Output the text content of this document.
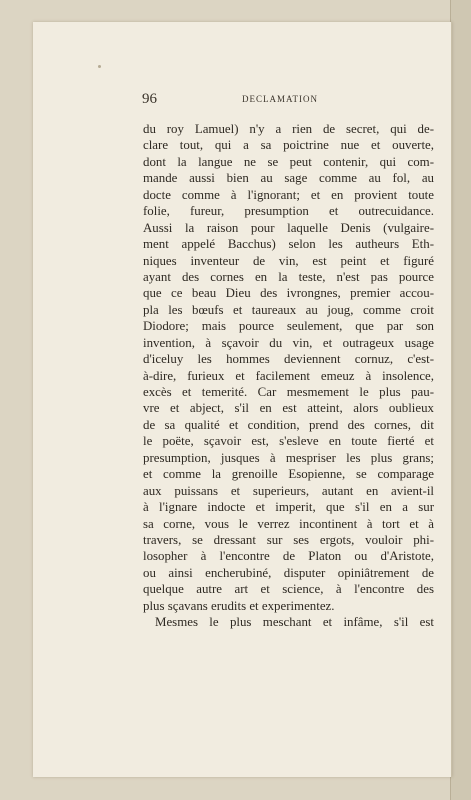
96	DECLAMATION
du roy Lamuel) n'y a rien de secret, qui de-
clare tout, qui a sa poictrine nue et ouverte,
dont la langue ne se peut contenir, qui com-
mande aussi bien au sage comme au fol, au
docte comme à l'ignorant; et en provient toute
folie, fureur, presumption et outrecuidance.
Aussi la raison pour laquelle Denis (vulgaire-
ment appelé Bacchus) selon les autheurs Eth-
niques inventeur de vin, est peint et figuré
ayant des cornes en la teste, n'est pas pource
que ce beau Dieu des ivrongnes, premier accou-
pla les bœufs et taureaux au joug, comme croit
Diodore; mais pource seulement, que par son
invention, à sçavoir du vin, et outrageux usage
d'iceluy les hommes deviennent cornuz, c'est-
à-dire, furieux et facilement emeuz à insolence,
excès et temerité. Car mesmement le plus pau-
vre et abject, s'il en est atteint, alors oublieux
de sa qualité et condition, prend des cornes, dit
le poëte, sçavoir est, s'esleve en toute fierté et
presumption, jusques à mespriser les plus grans;
et comme la grenoille Esopienne, se comparage
aux puissans et superieurs, autant en avient-il
à l'ignare indocte et imperit, que s'il en a sur
sa corne, vous le verrez incontinent à tort et à
travers, se dressant sur ses ergots, vouloir phi-
losopher à l'encontre de Platon ou d'Aristote,
ou ainsi encherubiné, disputer opiniâtrement de
quelque autre art et science, à l'encontre des
plus sçavans erudits et experimentez.
Mesmes le plus meschant et infâme, s'il est
